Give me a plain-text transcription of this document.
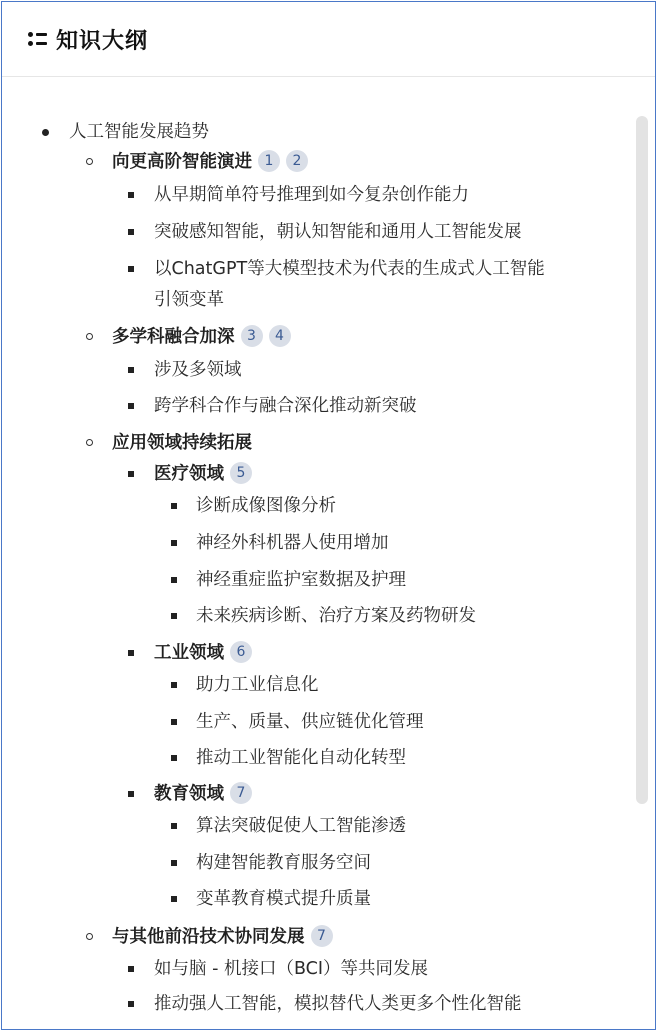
知识大纲
人工智能发展趋势
向更高阶智能演进 1 2
从早期简单符号推理到如今复杂创作能力
突破感知智能，朝认知智能和通用人工智能发展
以ChatGPT等大模型技术为代表的生成式人工智能
引领变革
多学科融合加深 3 4
涉及多领域
跨学科合作与融合深化推动新突破
应用领域持续拓展
医疗领域 5
诊断成像图像分析
神经外科机器人使用增加
神经重症监护室数据及护理
未来疾病诊断、治疗方案及药物研发
工业领域 6
助力工业信息化
生产、质量、供应链优化管理
推动工业智能化自动化转型
教育领域 7
算法突破促使人工智能渗透
构建智能教育服务空间
变革教育模式提升质量
与其他前沿技术协同发展 7
如与脑 - 机接口（BCI）等共同发展
推动强人工智能，模拟替代人类更多个性化智能
